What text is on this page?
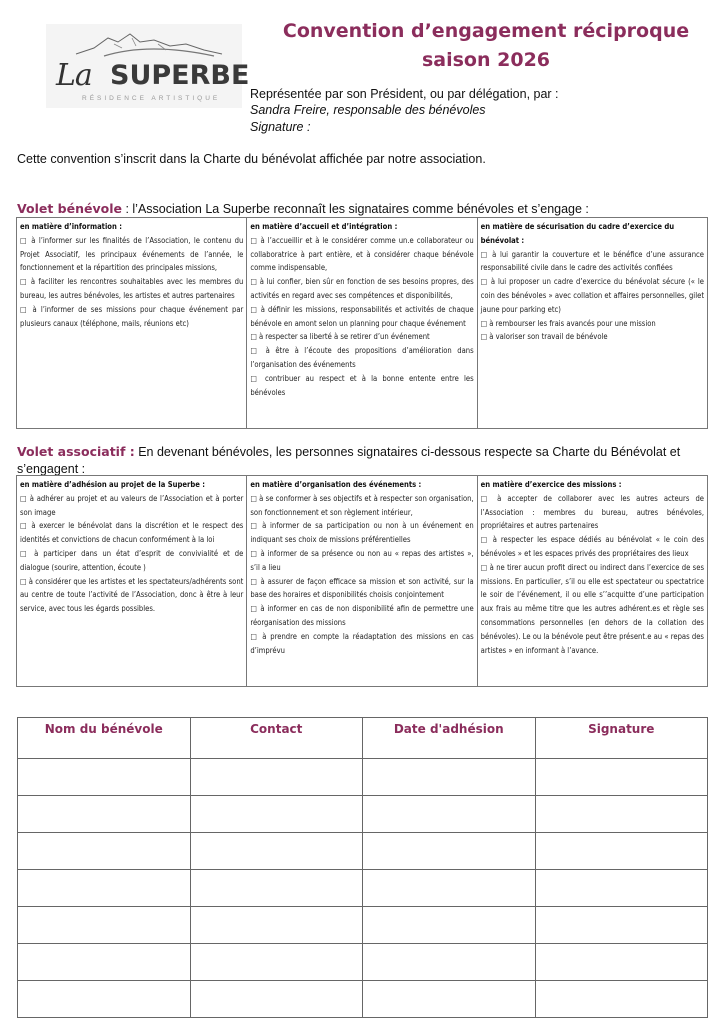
La SUPERBE
RÉSIDENCE ARTISTIQUE
Convention d’engagement réciproque
saison 2026
Représentée par son Président, ou par délégation, par :
Sandra Freire, responsable des bénévoles
Signature :
Cette convention s’inscrit dans la Charte du bénévolat affichée par notre association.
Volet bénévole : l’Association La Superbe reconnaît les signataires comme bénévoles et s’engage :
en matière d’information :
□ à l’informer sur les finalités de l’Association, le contenu du Projet Associatif, les principaux événements de l’année, le fonctionnement et la répartition des principales missions,
□ à faciliter les rencontres souhaitables avec les membres du bureau, les autres bénévoles, les artistes et autres partenaires
□ à l’informer de ses missions pour chaque événement par plusieurs canaux (téléphone, mails, réunions etc)

en matière d’accueil et d’intégration :
□ à l’accueillir et à le considérer comme un.e collaborateur ou collaboratrice à part entière, et à considérer chaque bénévole comme indispensable,
□ à lui confier, bien sûr en fonction de ses besoins propres, des activités en regard avec ses compétences et disponibilités,
□ à définir les missions, responsabilités et activités de chaque bénévole en amont selon un planning pour chaque événement
□ à respecter sa liberté à se retirer d’un événement
□ à être à l’écoute des propositions d’amélioration dans l’organisation des événements
□ contribuer au respect et à la bonne entente entre les bénévoles

en matière de sécurisation du cadre d’exercice du bénévolat :
□ à lui garantir la couverture et le bénéfice d’une assurance responsabilité civile dans le cadre des activités confiées
□ à lui proposer un cadre d’exercice du bénévolat sécure (« le coin des bénévoles » avec collation et affaires personnelles, gilet jaune pour parking etc)
□ à rembourser les frais avancés pour une mission
□ à valoriser son travail de bénévole
Volet associatif : En devenant bénévoles, les personnes signataires ci-dessous respecte sa Charte du Bénévolat et s’engagent :
en matière d’adhésion au projet de la Superbe :
□ à adhérer au projet et au valeurs de l’Association et à porter son image
□ à exercer le bénévolat dans la discrétion et le respect des identités et convictions de chacun conformément à la loi
□ à participer dans un état d’esprit de convivialité et de dialogue (sourire, attention, écoute )
□ à considérer que les artistes et les spectateurs/adhérents sont au centre de toute l’activité de l’Association, donc à être à leur service, avec tous les égards possibles.

en matière d’organisation des événements :
□ à se conformer à ses objectifs et à respecter son organisation, son fonctionnement et son règlement intérieur,
□ à informer de sa participation ou non à un événement en indiquant ses choix de missions préférentielles
□ à informer de sa présence ou non au « repas des artistes », s’il a lieu
□ à assurer de façon efficace sa mission et son activité, sur la base des horaires et disponibilités choisis conjointement
□ à informer en cas de non disponibilité afin de permettre une réorganisation des missions
□ à prendre en compte la réadaptation des missions en cas d’imprévu

en matière d’exercice des missions :
□ à accepter de collaborer avec les autres acteurs de l’Association : membres du bureau, autres bénévoles, propriétaires et autres partenaires
□ à respecter les espace dédiés au bénévolat « le coin des bénévoles » et les espaces privés des propriétaires des lieux
□ à ne tirer aucun profit direct ou indirect dans l’exercice de ses missions. En particulier, s’il ou elle est spectateur ou spectatrice le soir de l’événement, il ou elle s’’acquitte d’une participation aux frais au même titre que les autres adhérent.es et règle ses consommations personnelles (en dehors de la collation des bénévoles). Le ou la bénévole peut être présent.e au « repas des artistes » en informant à l’avance.
Nom du bénévole	Contact	Date d'adhésion	Signature
